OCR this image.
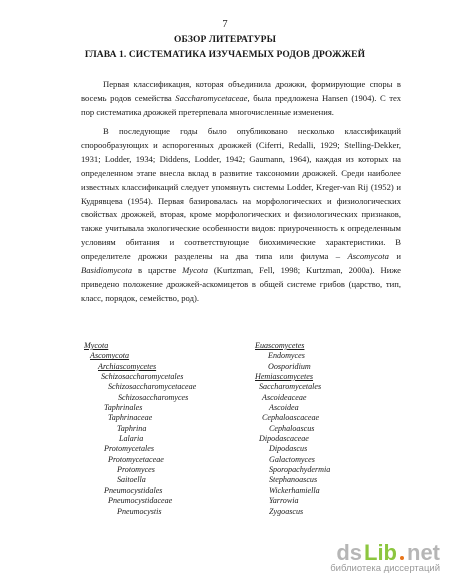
7
ОБЗОР ЛИТЕРАТУРЫ
ГЛАВА 1. СИСТЕМАТИКА ИЗУЧАЕМЫХ РОДОВ ДРОЖЖЕЙ

Первая классификация, которая объединила дрожжи, формирующие споры в восемь родов семейства Saccharomycetaceae, была предложена Hansen (1904). С тех пор систематика дрожжей претерпевала многочисленные изменения.

В последующие годы было опубликовано несколько классификаций спорообразующих и аспорогенных дрожжей (Ciferri, Redalli, 1929; Stelling-Dekker, 1931; Lodder, 1934; Diddens, Lodder, 1942; Gaumann, 1964), каждая из которых на определенном этапе внесла вклад в развитие таксономии дрожжей. Среди наиболее известных классификаций следует упомянуть системы Lodder, Kreger-van Rij (1952) и Кудрявцева (1954). Первая базировалась на морфологических и физиологических свойствах дрожжей, вторая, кроме морфологических и физиологических признаков, также учитывала экологические особенности видов: приуроченность к определенным условиям обитания и соответствующие биохимические характеристики. В определителе дрожжи разделены на два типа или филума – Ascomycota и Basidiomycota в царстве Mycota (Kurtzman, Fell, 1998; Kurtzman, 2000a). Ниже приведено положение дрожжей-аскомицетов в общей системе грибов (царство, тип, класс, порядок, семейство, род).

Mycota
Ascomycota
Archiascomycetes
Schizosaccharomycetales
Schizosaccharomycetaceae
Schizosaccharomyces
Taphrinales
Taphrinaceae
Taphrina
Lalaria
Protomycetales
Protomycetaceae
Protomyces
Saitoella
Pneumocystidales
Pneumocystidaceae
Pneumocystis
Euascomycetes
Endomyces
Oosporidium
Hemiascomycetes
Saccharomycetales
Ascoideaceae
Ascoidea
Cephaloascaceae
Cephaloascus
Dipodascaceae
Dipodascus
Galactomyces
Sporopachydermia
Stephanoascus
Wickerhamiella
Yarrowia
Zygoascus
ds Lib net
библиотека диссертаций
